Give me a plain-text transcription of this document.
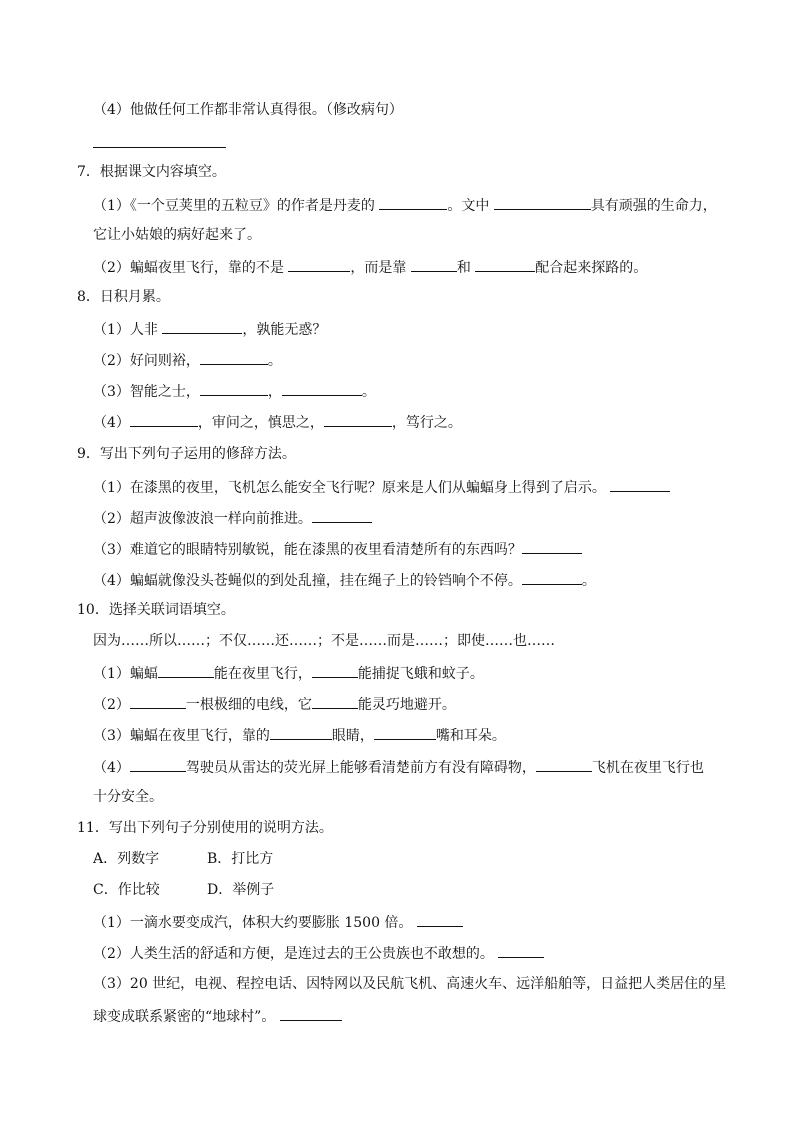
（4）他做任何工作都非常认真得很。（修改病句）
7．根据课文内容填空。
（1）《一个豆荚里的五粒豆》的作者是丹麦的	。文中	具有顽强的生命力，
它让小姑娘的病好起来了。
（2）蝙蝠夜里飞行，靠的不是	，而是靠	和	配合起来探路的。
8．日积月累。
（1）人非	，孰能无惑？
（2）好问则裕，	。
（3）智能之士，	，	。
（4）	，审问之，慎思之，	，笃行之。
9．写出下列句子运用的修辞方法。
（1）在漆黑的夜里，飞机怎么能安全飞行呢？原来是人们从蝙蝠身上得到了启示。
（2）超声波像波浪一样向前推进。
（3）难道它的眼睛特别敏锐，能在漆黑的夜里看清楚所有的东西吗？
（4）蝙蝠就像没头苍蝇似的到处乱撞，挂在绳子上的铃铛响个不停。	。
10．选择关联词语填空。
因为……所以……；不仅……还……；不是……而是……；即使……也……
（1）蝙蝠	能在夜里飞行，	能捕捉飞蛾和蚊子。
（2）	一根极细的电线，它	能灵巧地避开。
（3）蝙蝠在夜里飞行，靠的	眼睛，	嘴和耳朵。
（4）	驾驶员从雷达的荧光屏上能够看清楚前方有没有障碍物，	飞机在夜里飞行也
十分安全。
11．写出下列句子分别使用的说明方法。
A．列数字	B．打比方
C．作比较	D．举例子
（1）一滴水要变成汽，体积大约要膨胀 1500 倍。
（2）人类生活的舒适和方便，是连过去的王公贵族也不敢想的。
（3）20 世纪，电视、程控电话、因特网以及民航飞机、高速火车、远洋船舶等，日益把人类居住的星
球变成联系紧密的“地球村”。
